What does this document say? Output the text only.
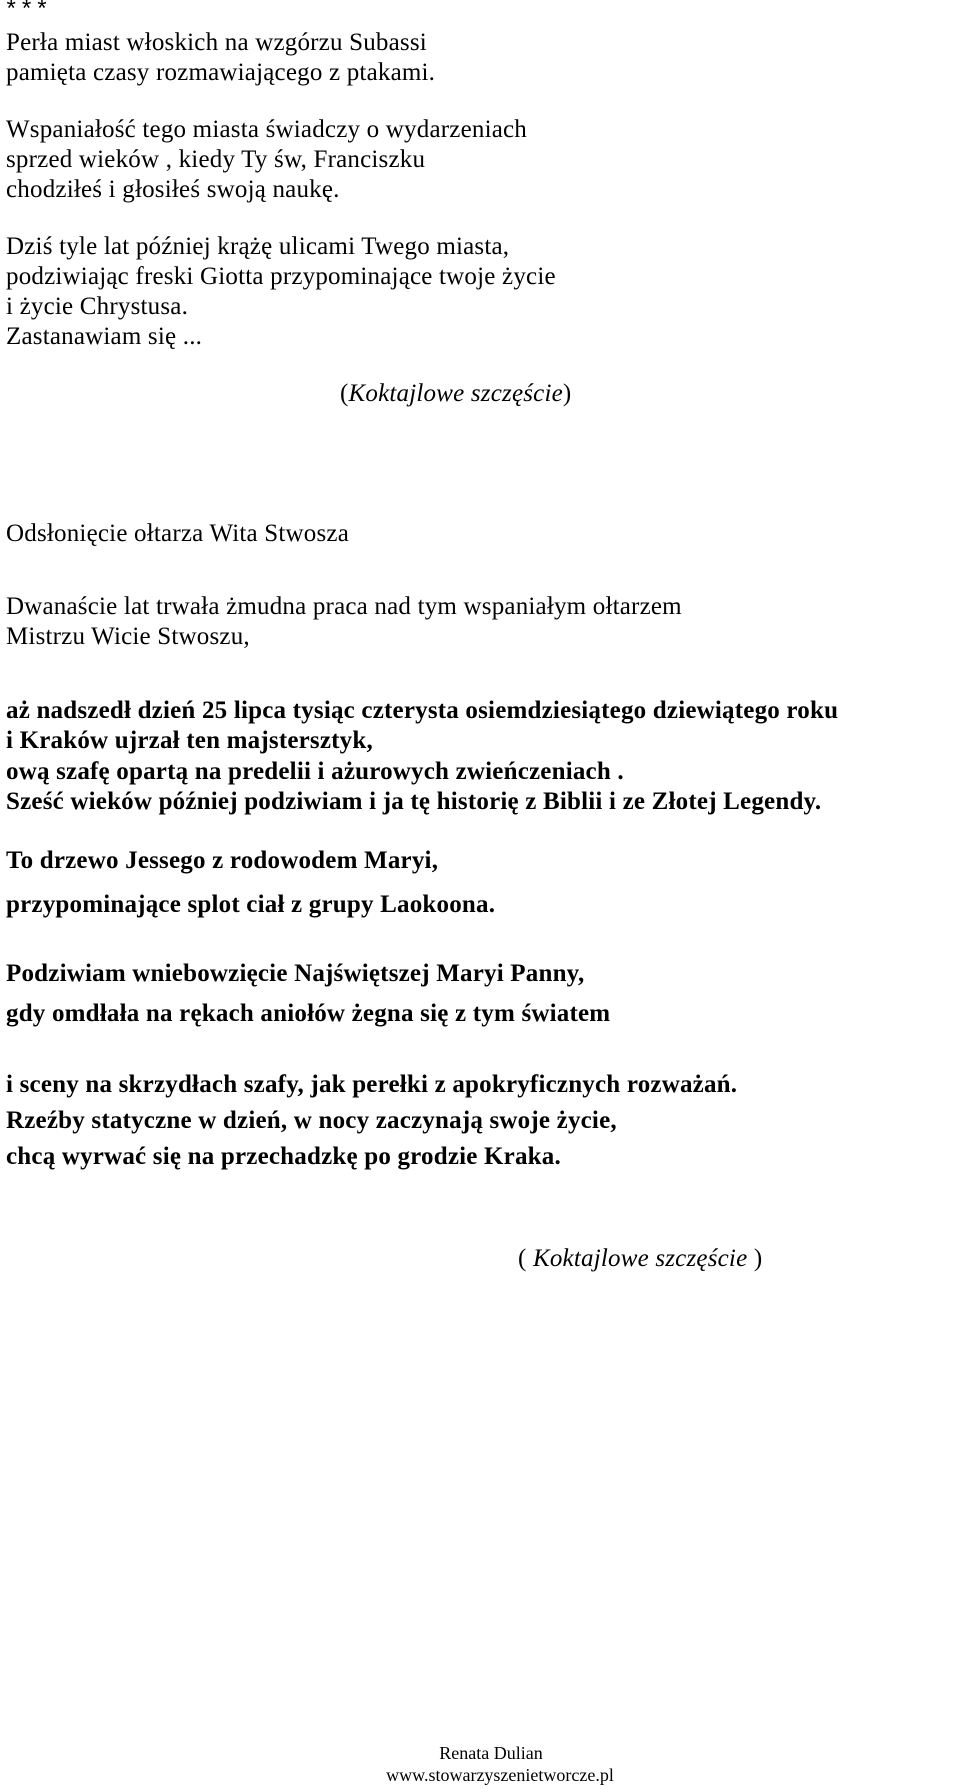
***
Perła miast włoskich na wzgórzu Subassi
pamięta czasy rozmawiającego z ptakami.
Wspaniałość tego miasta świadczy o wydarzeniach
sprzed wieków , kiedy Ty św, Franciszku
chodziłeś i głosiłeś swoją naukę.
Dziś tyle lat później krążę ulicami Twego miasta,
podziwiając freski Giotta przypominające twoje życie
i życie Chrystusa.
Zastanawiam się ...
(Koktajlowe szczęście)
Odsłonięcie ołtarza Wita Stwosza
Dwanaście lat trwała żmudna praca nad tym wspaniałym ołtarzem
Mistrzu Wicie Stwoszu,
aż nadszedł dzień 25 lipca tysiąc czterysta osiemdziesiątego dziewiątego roku
i Kraków ujrzał ten majstersztyk,
ową szafę opartą na predelii i ażurowych zwieńczeniach .
Sześć wieków później podziwiam i ja tę historię z Biblii i ze Złotej Legendy.
To drzewo Jessego z rodowodem Maryi,
przypominające splot ciał z grupy Laokoona.
Podziwiam wniebowzięcie Najświętszej Maryi Panny,
gdy omdłała na rękach aniołów żegna się z tym światem
i sceny na skrzydłach szafy, jak perełki z apokryficznych rozważań.
Rzeźby statyczne w dzień, w nocy zaczynają swoje życie,
chcą wyrwać się na przechadzkę po grodzie Kraka.
( Koktajlowe szczęście )
Renata Dulian
www.stowarzyszenietworcze.pl
